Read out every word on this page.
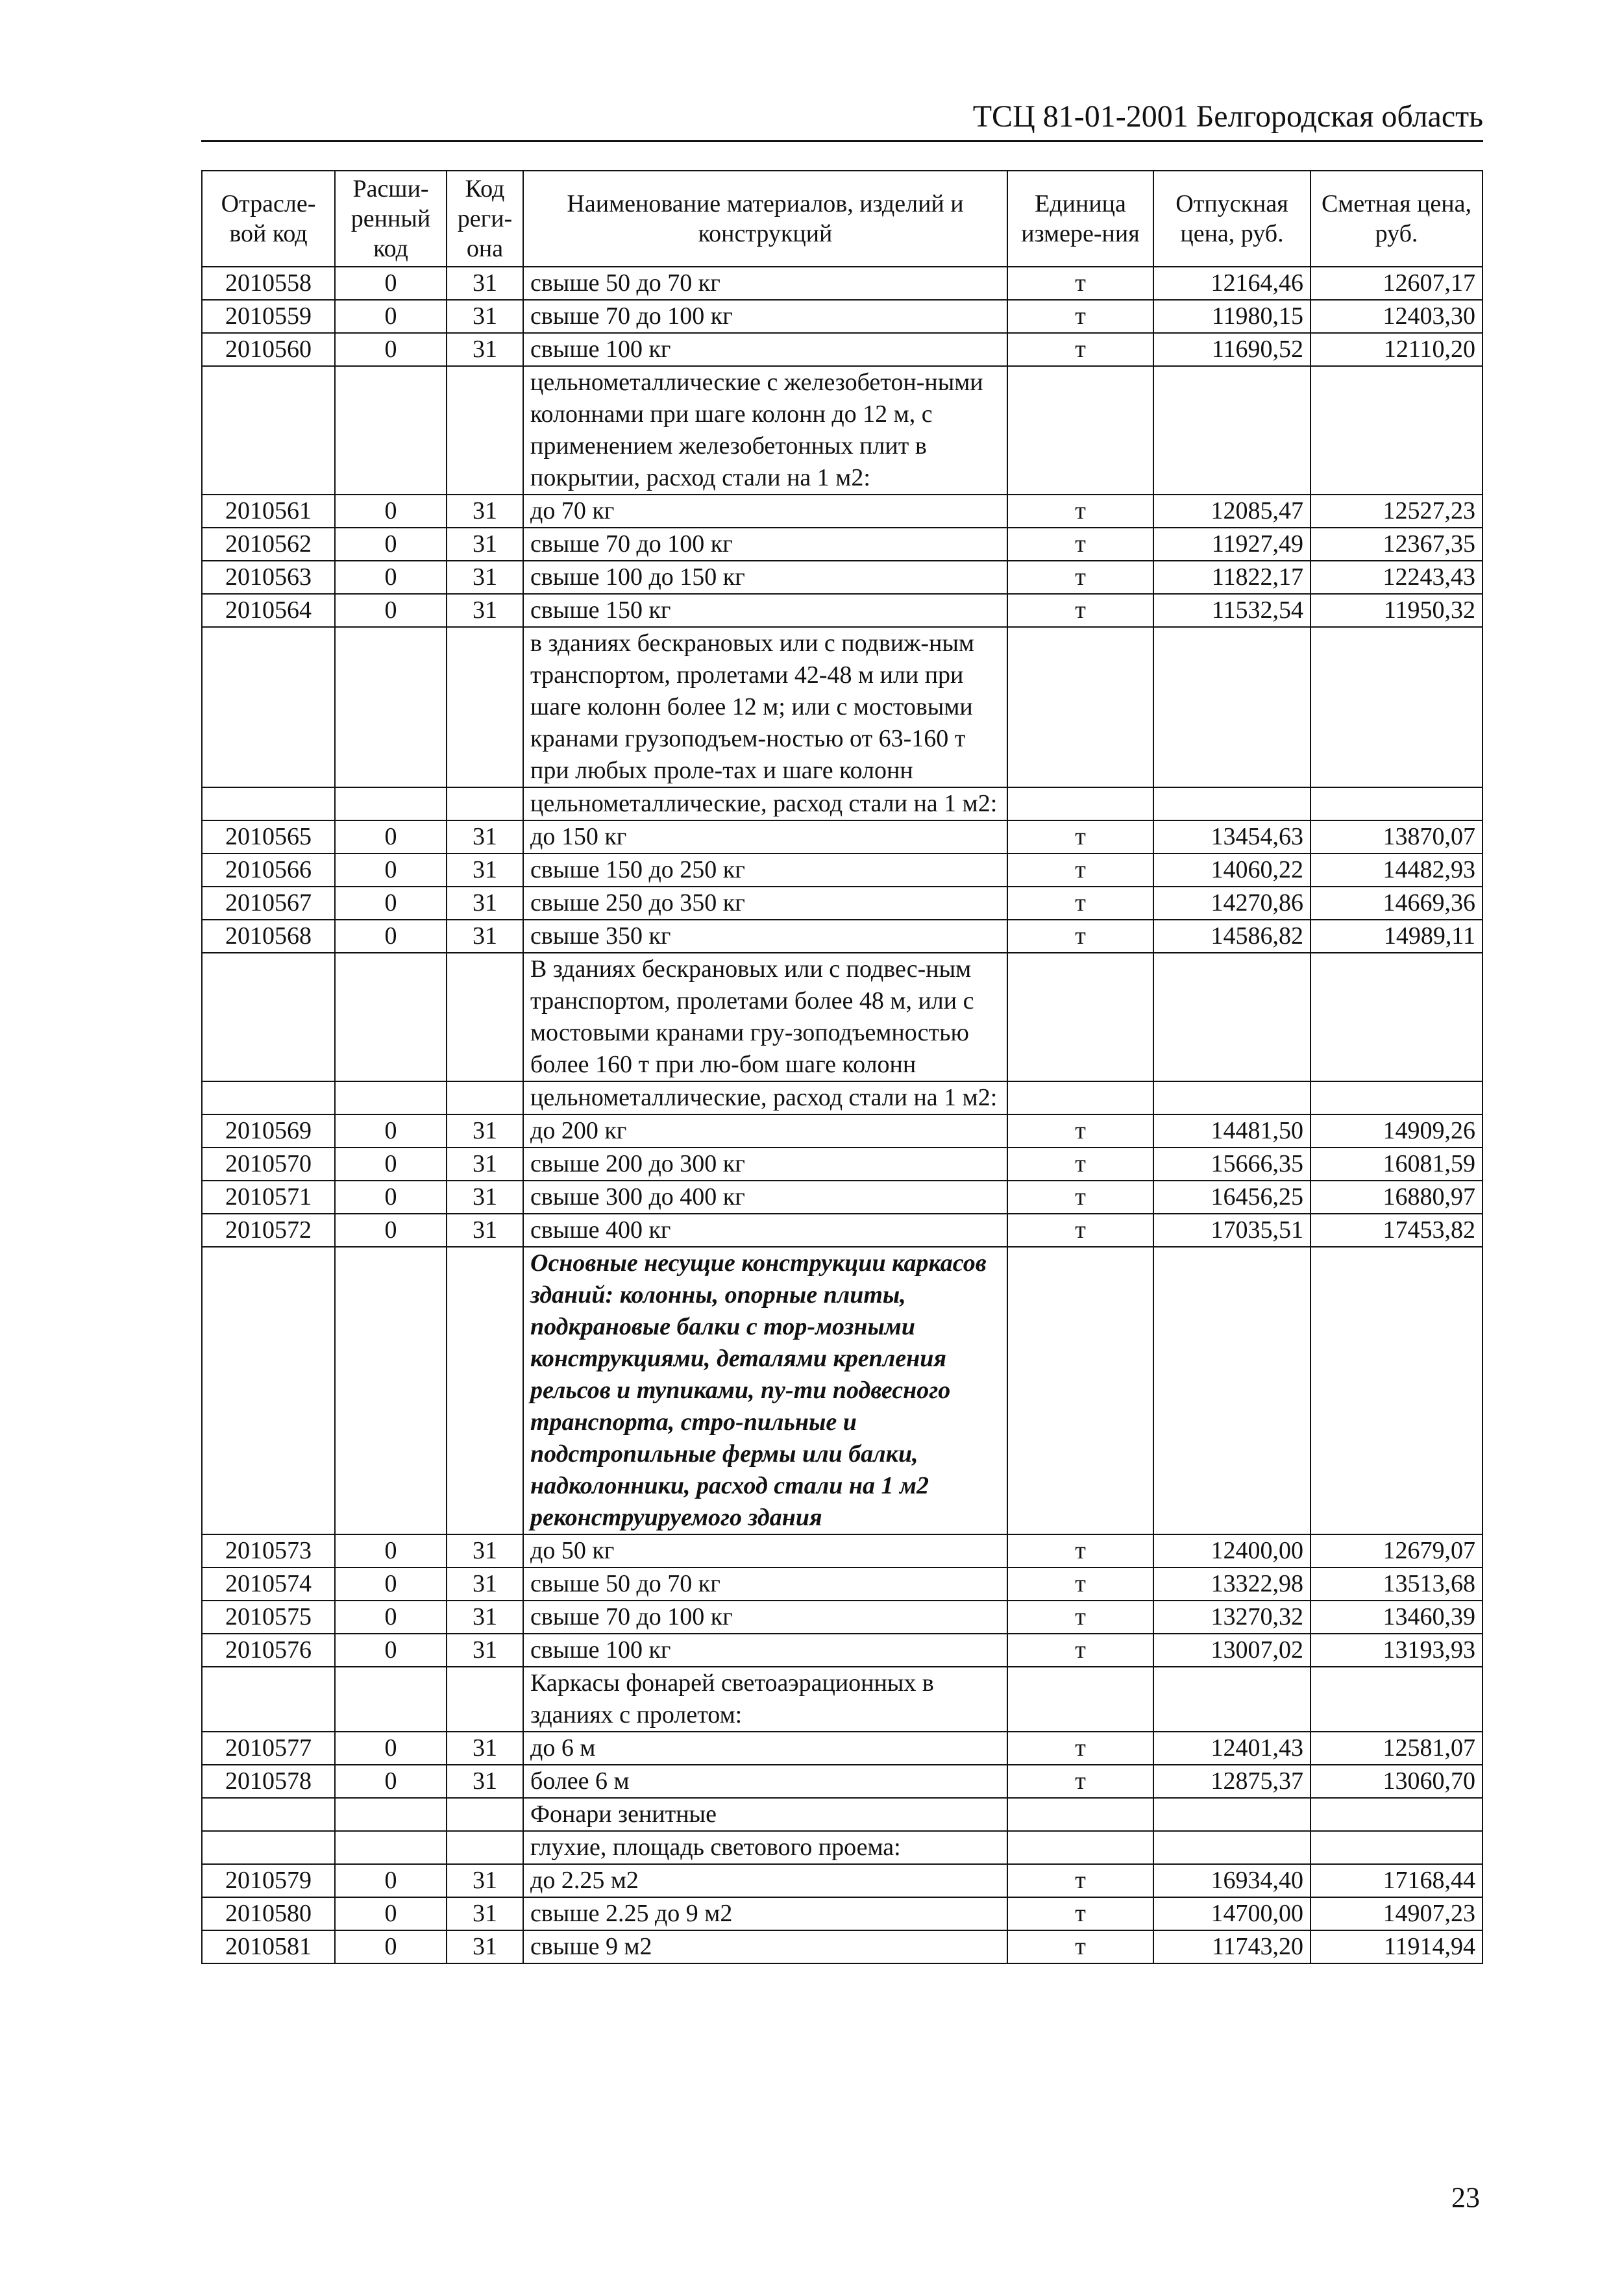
ТСЦ 81-01-2001 Белгородская область
Отрасле-вой код	Расши-ренный код	Код реги-она	Наименование материалов, изделий и конструкций	Единица измере-ния	Отпускная цена, руб.	Сметная цена, руб.
2010558	0	31	свыше 50 до 70 кг	т	12164,46	12607,17
2010559	0	31	свыше 70 до 100 кг	т	11980,15	12403,30
2010560	0	31	свыше 100 кг	т	11690,52	12110,20
			цельнометаллические с железобетон-ными колоннами при шаге колонн до 12 м, с применением железобетонных плит в покрытии, расход стали на 1 м2:			
2010561	0	31	до 70 кг	т	12085,47	12527,23
2010562	0	31	свыше 70 до 100 кг	т	11927,49	12367,35
2010563	0	31	свыше 100 до 150 кг	т	11822,17	12243,43
2010564	0	31	свыше 150 кг	т	11532,54	11950,32
			в зданиях бескрановых или с подвиж-ным транспортом, пролетами 42-48 м или при шаге колонн более 12 м; или с мостовыми кранами грузоподъем-ностью от 63-160 т при любых проле-тах и шаге колонн			
			цельнометаллические, расход стали на 1 м2:			
2010565	0	31	до 150 кг	т	13454,63	13870,07
2010566	0	31	свыше 150 до 250 кг	т	14060,22	14482,93
2010567	0	31	свыше 250 до 350 кг	т	14270,86	14669,36
2010568	0	31	свыше 350 кг	т	14586,82	14989,11
			В зданиях бескрановых или с подвес-ным транспортом, пролетами более 48 м, или с мостовыми кранами гру-зоподъемностью более 160 т при лю-бом шаге колонн			
			цельнометаллические, расход стали на 1 м2:			
2010569	0	31	до 200 кг	т	14481,50	14909,26
2010570	0	31	свыше 200 до 300 кг	т	15666,35	16081,59
2010571	0	31	свыше 300 до 400 кг	т	16456,25	16880,97
2010572	0	31	свыше 400 кг	т	17035,51	17453,82
			Основные несущие конструкции каркасов зданий: колонны, опорные плиты, подкрановые балки с тор-мозными конструкциями, деталями крепления рельсов и тупиками, пу-ти подвесного транспорта, стро-пильные и подстропильные фермы или балки, надколонники, расход стали на 1 м2 реконструируемого здания			
2010573	0	31	до 50 кг	т	12400,00	12679,07
2010574	0	31	свыше 50 до 70 кг	т	13322,98	13513,68
2010575	0	31	свыше 70 до 100 кг	т	13270,32	13460,39
2010576	0	31	свыше 100 кг	т	13007,02	13193,93
			Каркасы фонарей светоаэрационных в зданиях с пролетом:			
2010577	0	31	до 6 м	т	12401,43	12581,07
2010578	0	31	более 6 м	т	12875,37	13060,70
			Фонари зенитные			
			глухие, площадь светового проема:			
2010579	0	31	до 2.25 м2	т	16934,40	17168,44
2010580	0	31	свыше 2.25 до 9 м2	т	14700,00	14907,23
2010581	0	31	свыше 9 м2	т	11743,20	11914,94
23
